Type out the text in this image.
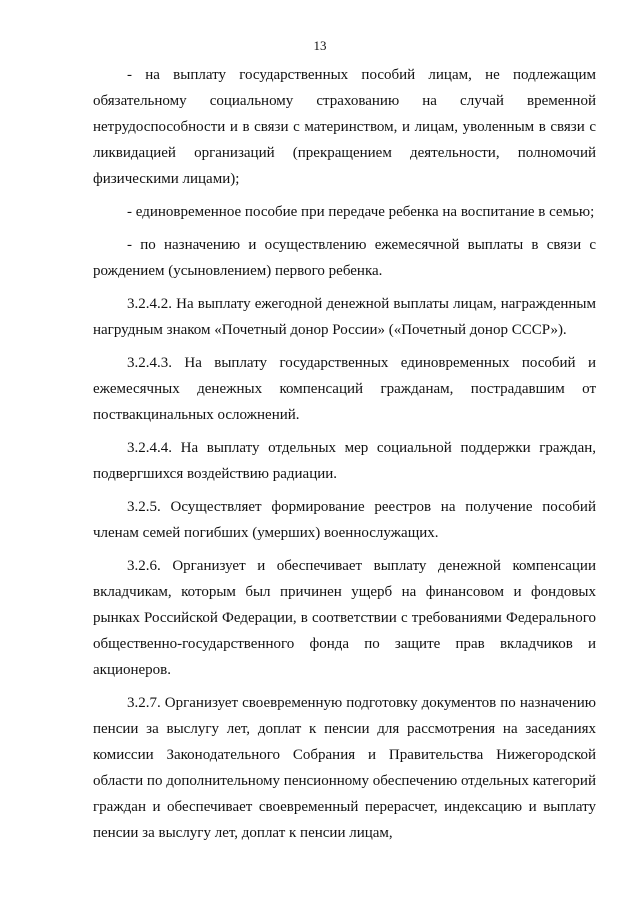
13

- на выплату государственных пособий лицам, не подлежащим обязательному социальному страхованию на случай временной нетрудоспособности и в связи с материнством, и лицам, уволенным в связи с ликвидацией организаций (прекращением деятельности, полномочий физическими лицами);

- единовременное пособие при передаче ребенка на воспитание в семью;

- по назначению и осуществлению ежемесячной выплаты в связи с рождением (усыновлением) первого ребенка.

3.2.4.2. На выплату ежегодной денежной выплаты лицам, награжденным нагрудным знаком «Почетный донор России» («Почетный донор СССР»).

3.2.4.3. На выплату государственных единовременных пособий и ежемесячных денежных компенсаций гражданам, пострадавшим от поствакцинальных осложнений.

3.2.4.4. На выплату отдельных мер социальной поддержки граждан, подвергшихся воздействию радиации.

3.2.5. Осуществляет формирование реестров на получение пособий членам семей погибших (умерших) военнослужащих.

3.2.6. Организует и обеспечивает выплату денежной компенсации вкладчикам, которым был причинен ущерб на финансовом и фондовых рынках Российской Федерации, в соответствии с требованиями Федерального общественно-государственного фонда по защите прав вкладчиков и акционеров.

3.2.7. Организует своевременную подготовку документов по назначению пенсии за выслугу лет, доплат к пенсии для рассмотрения на заседаниях комиссии Законодательного Собрания и Правительства Нижегородской области по дополнительному пенсионному обеспечению отдельных категорий граждан и обеспечивает своевременный перерасчет, индексацию и выплату пенсии за выслугу лет, доплат к пенсии лицам,
